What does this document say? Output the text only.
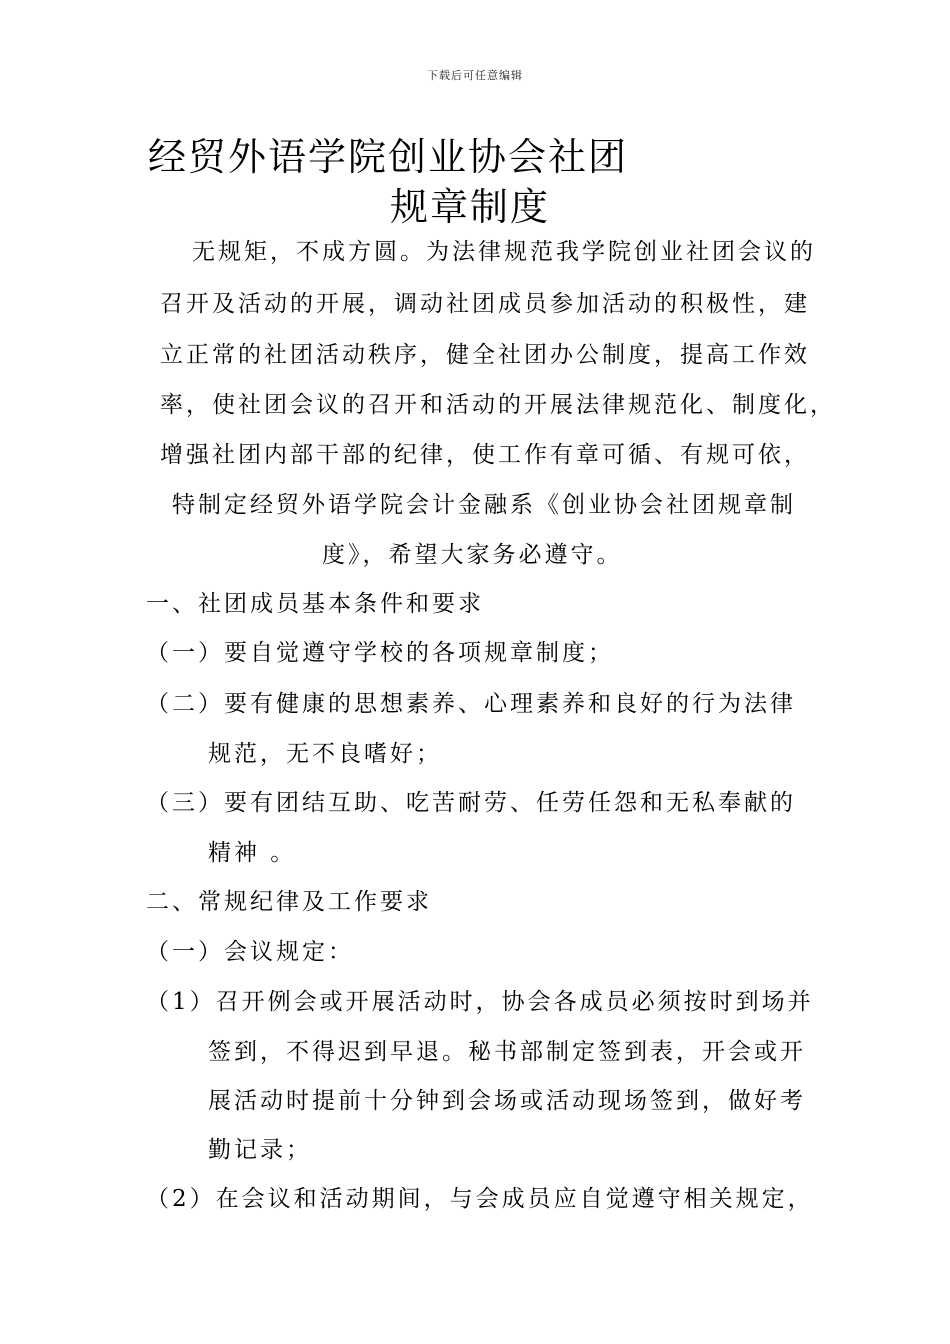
下载后可任意编辑
经贸外语学院创业协会社团
规章制度
无规矩，不成方圆。为法律规范我学院创业社团会议的
召开及活动的开展，调动社团成员参加活动的积极性，建
立正常的社团活动秩序，健全社团办公制度，提高工作效
率，使社团会议的召开和活动的开展法律规范化、制度化，
增强社团内部干部的纪律，使工作有章可循、有规可依，
特制定经贸外语学院会计金融系《创业协会社团规章制
度》，希望大家务必遵守。
一、社团成员基本条件和要求
（一）要自觉遵守学校的各项规章制度；
（二）要有健康的思想素养、心理素养和良好的行为法律
规范，无不良嗜好；
（三）要有团结互助、吃苦耐劳、任劳任怨和无私奉献的
精神 。
二、常规纪律及工作要求
（一）会议规定：
（1）召开例会或开展活动时，协会各成员必须按时到场并
签到，不得迟到早退。秘书部制定签到表，开会或开
展活动时提前十分钟到会场或活动现场签到，做好考
勤记录；
（2）在会议和活动期间，与会成员应自觉遵守相关规定，
